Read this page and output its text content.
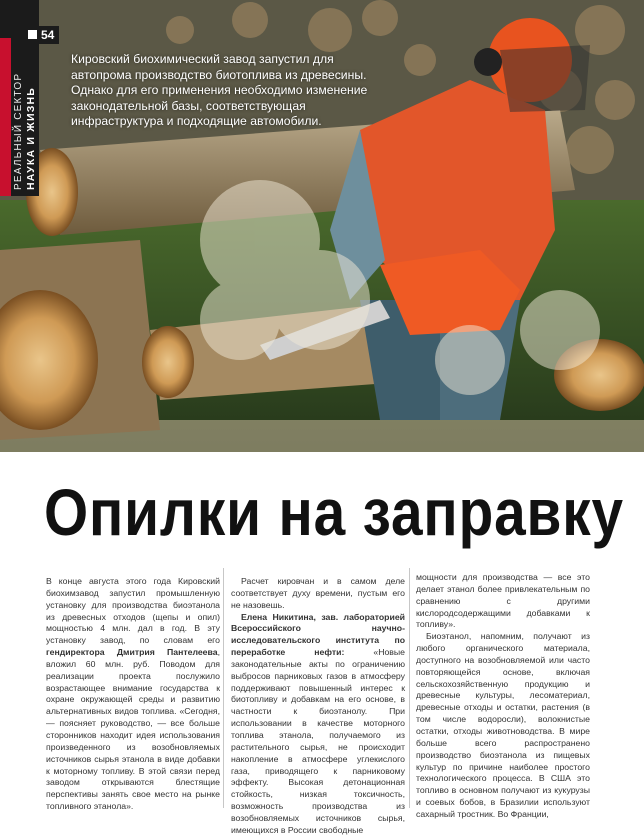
54
РЕАЛЬНЫЙ СЕКТОР НАУКА И ЖИЗНЬ
Кировский биохимический завод запустил для автопрома производство биотоплива из древесины. Однако для его применения необходимо изменение законодательной базы, соответствующая инфраструктура и подходящие автомобили.
Опилки на заправку

В конце августа этого года Кировский биохимзавод запустил промышленную установку для производства биоэтанола из древесных отходов (щепы и опил) мощностью 4 млн. дал в год. В эту установку завод, по словам его гендиректора Дмитрия Пантелеева, вложил 60 млн. руб. Поводом для реализации проекта послужило возрастающее внимание государства к охране окружающей среды и развитию альтернативных видов топлива. «Сегодня, — поясняет руководство, — все больше сторонников находит идея использования произведенного из возобновляемых источников сырья этанола в виде добавки к моторному топливу. В этой связи перед заводом открываются блестящие перспективы занять свое место на рынке топливного этанола».

Расчет кировчан и в самом деле соответствует духу времени, пустым его не назовешь.

Елена Никитина, зав. лабораторией Всероссийского научно-исследовательского института по переработке нефти: «Новые законодательные акты по ограничению выбросов парниковых газов в атмосферу поддерживают повышенный интерес к биотопливу и добавкам на его основе, в частности к биоэтанолу. При использовании в качестве моторного топлива этанола, получаемого из растительного сырья, не происходит накопление в атмосфере углекислого газа, приводящего к парниковому эффекту. Высокая детонационная стойкость, низкая токсичность, возможность производства из возобновляемых источников сырья, имеющихся в России свободные

мощности для производства — все это делает этанол более привлекательным по сравнению с другими кислородсодержащими добавками к топливу».

Биоэтанол, напомним, получают из любого органического материала, доступного на возобновляемой или часто повторяющейся основе, включая сельскохозяйственную продукцию и древесные культуры, лесоматериал, древесные отходы и остатки, растения (в том числе водоросли), волокнистые остатки, отходы животноводства. В мире больше всего распространено производство биоэтанола из пищевых культур по причине наиболее простого технологического процесса. В США это топливо в основном получают из кукурузы и соевых бобов, в Бразилии используют сахарный тростник. Во Франции,
